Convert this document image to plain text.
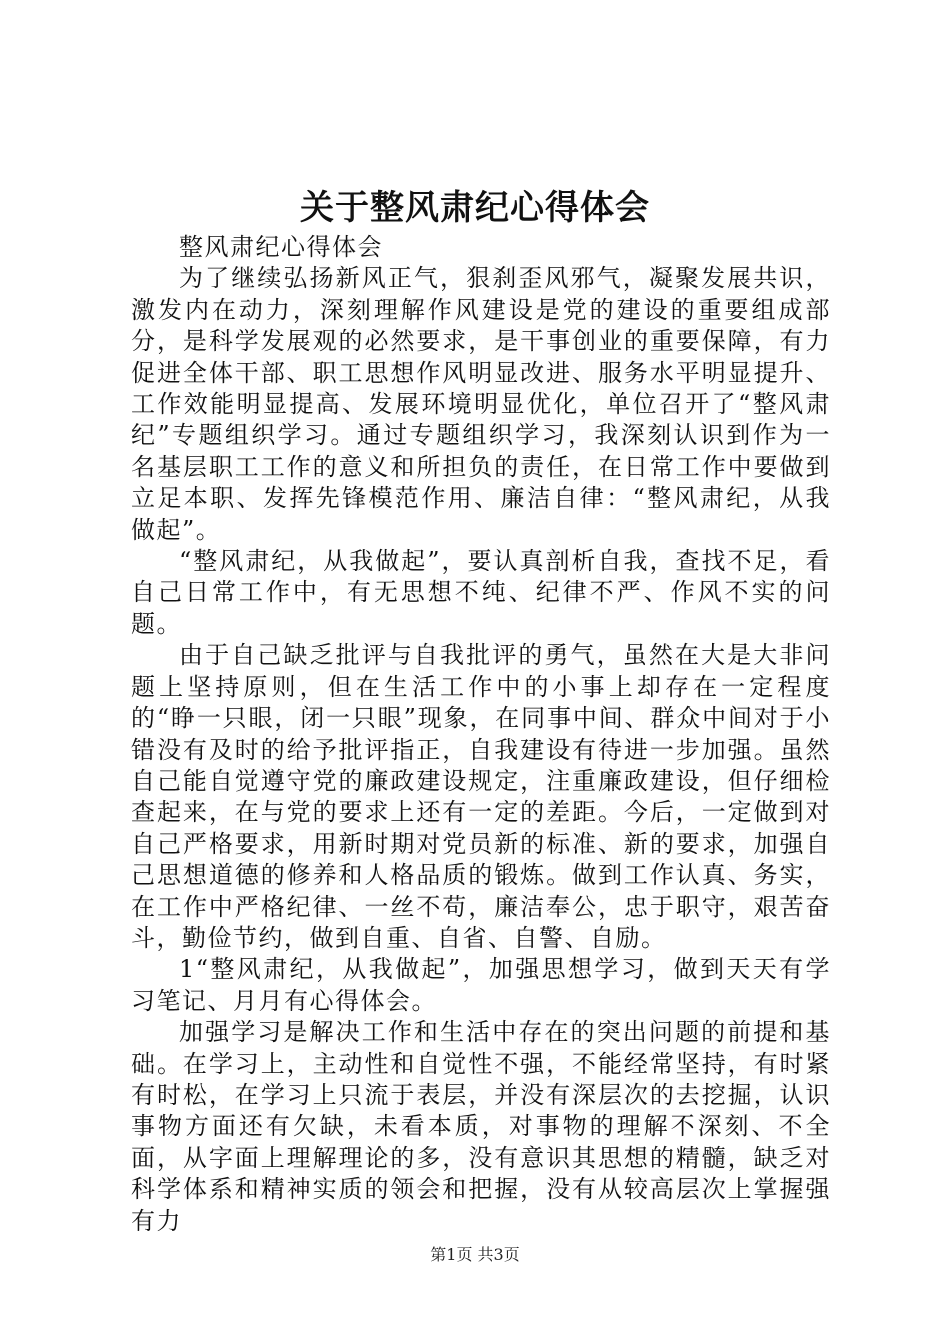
关于整风肃纪心得体会

整风肃纪心得体会

为了继续弘扬新风正气，狠刹歪风邪气，凝聚发展共识，激发内在动力，深刻理解作风建设是党的建设的重要组成部分，是科学发展观的必然要求，是干事创业的重要保障，有力促进全体干部、职工思想作风明显改进、服务水平明显提升、工作效能明显提高、发展环境明显优化，单位召开了“整风肃纪”专题组织学习。通过专题组织学习，我深刻认识到作为一名基层职工工作的意义和所担负的责任，在日常工作中要做到立足本职、发挥先锋模范作用、廉洁自律：“整风肃纪，从我做起”。

“整风肃纪，从我做起”，要认真剖析自我，查找不足，看自己日常工作中，有无思想不纯、纪律不严、作风不实的问题。

由于自己缺乏批评与自我批评的勇气，虽然在大是大非问题上坚持原则，但在生活工作中的小事上却存在一定程度的“睁一只眼，闭一只眼”现象，在同事中间、群众中间对于小错没有及时的给予批评指正，自我建设有待进一步加强。虽然自己能自觉遵守党的廉政建设规定，注重廉政建设，但仔细检查起来，在与党的要求上还有一定的差距。今后，一定做到对自己严格要求，用新时期对党员新的标准、新的要求，加强自己思想道德的修养和人格品质的锻炼。做到工作认真、务实，在工作中严格纪律、一丝不苟，廉洁奉公，忠于职守，艰苦奋斗，勤俭节约，做到自重、自省、自警、自励。

1“整风肃纪，从我做起”，加强思想学习，做到天天有学习笔记、月月有心得体会。

加强学习是解决工作和生活中存在的突出问题的前提和基础。在学习上，主动性和自觉性不强，不能经常坚持，有时紧有时松，在学习上只流于表层，并没有深层次的去挖掘，认识事物方面还有欠缺，未看本质，对事物的理解不深刻、不全面，从字面上理解理论的多，没有意识其思想的精髓，缺乏对科学体系和精神实质的领会和把握，没有从较高层次上掌握强有力

第1页 共3页
